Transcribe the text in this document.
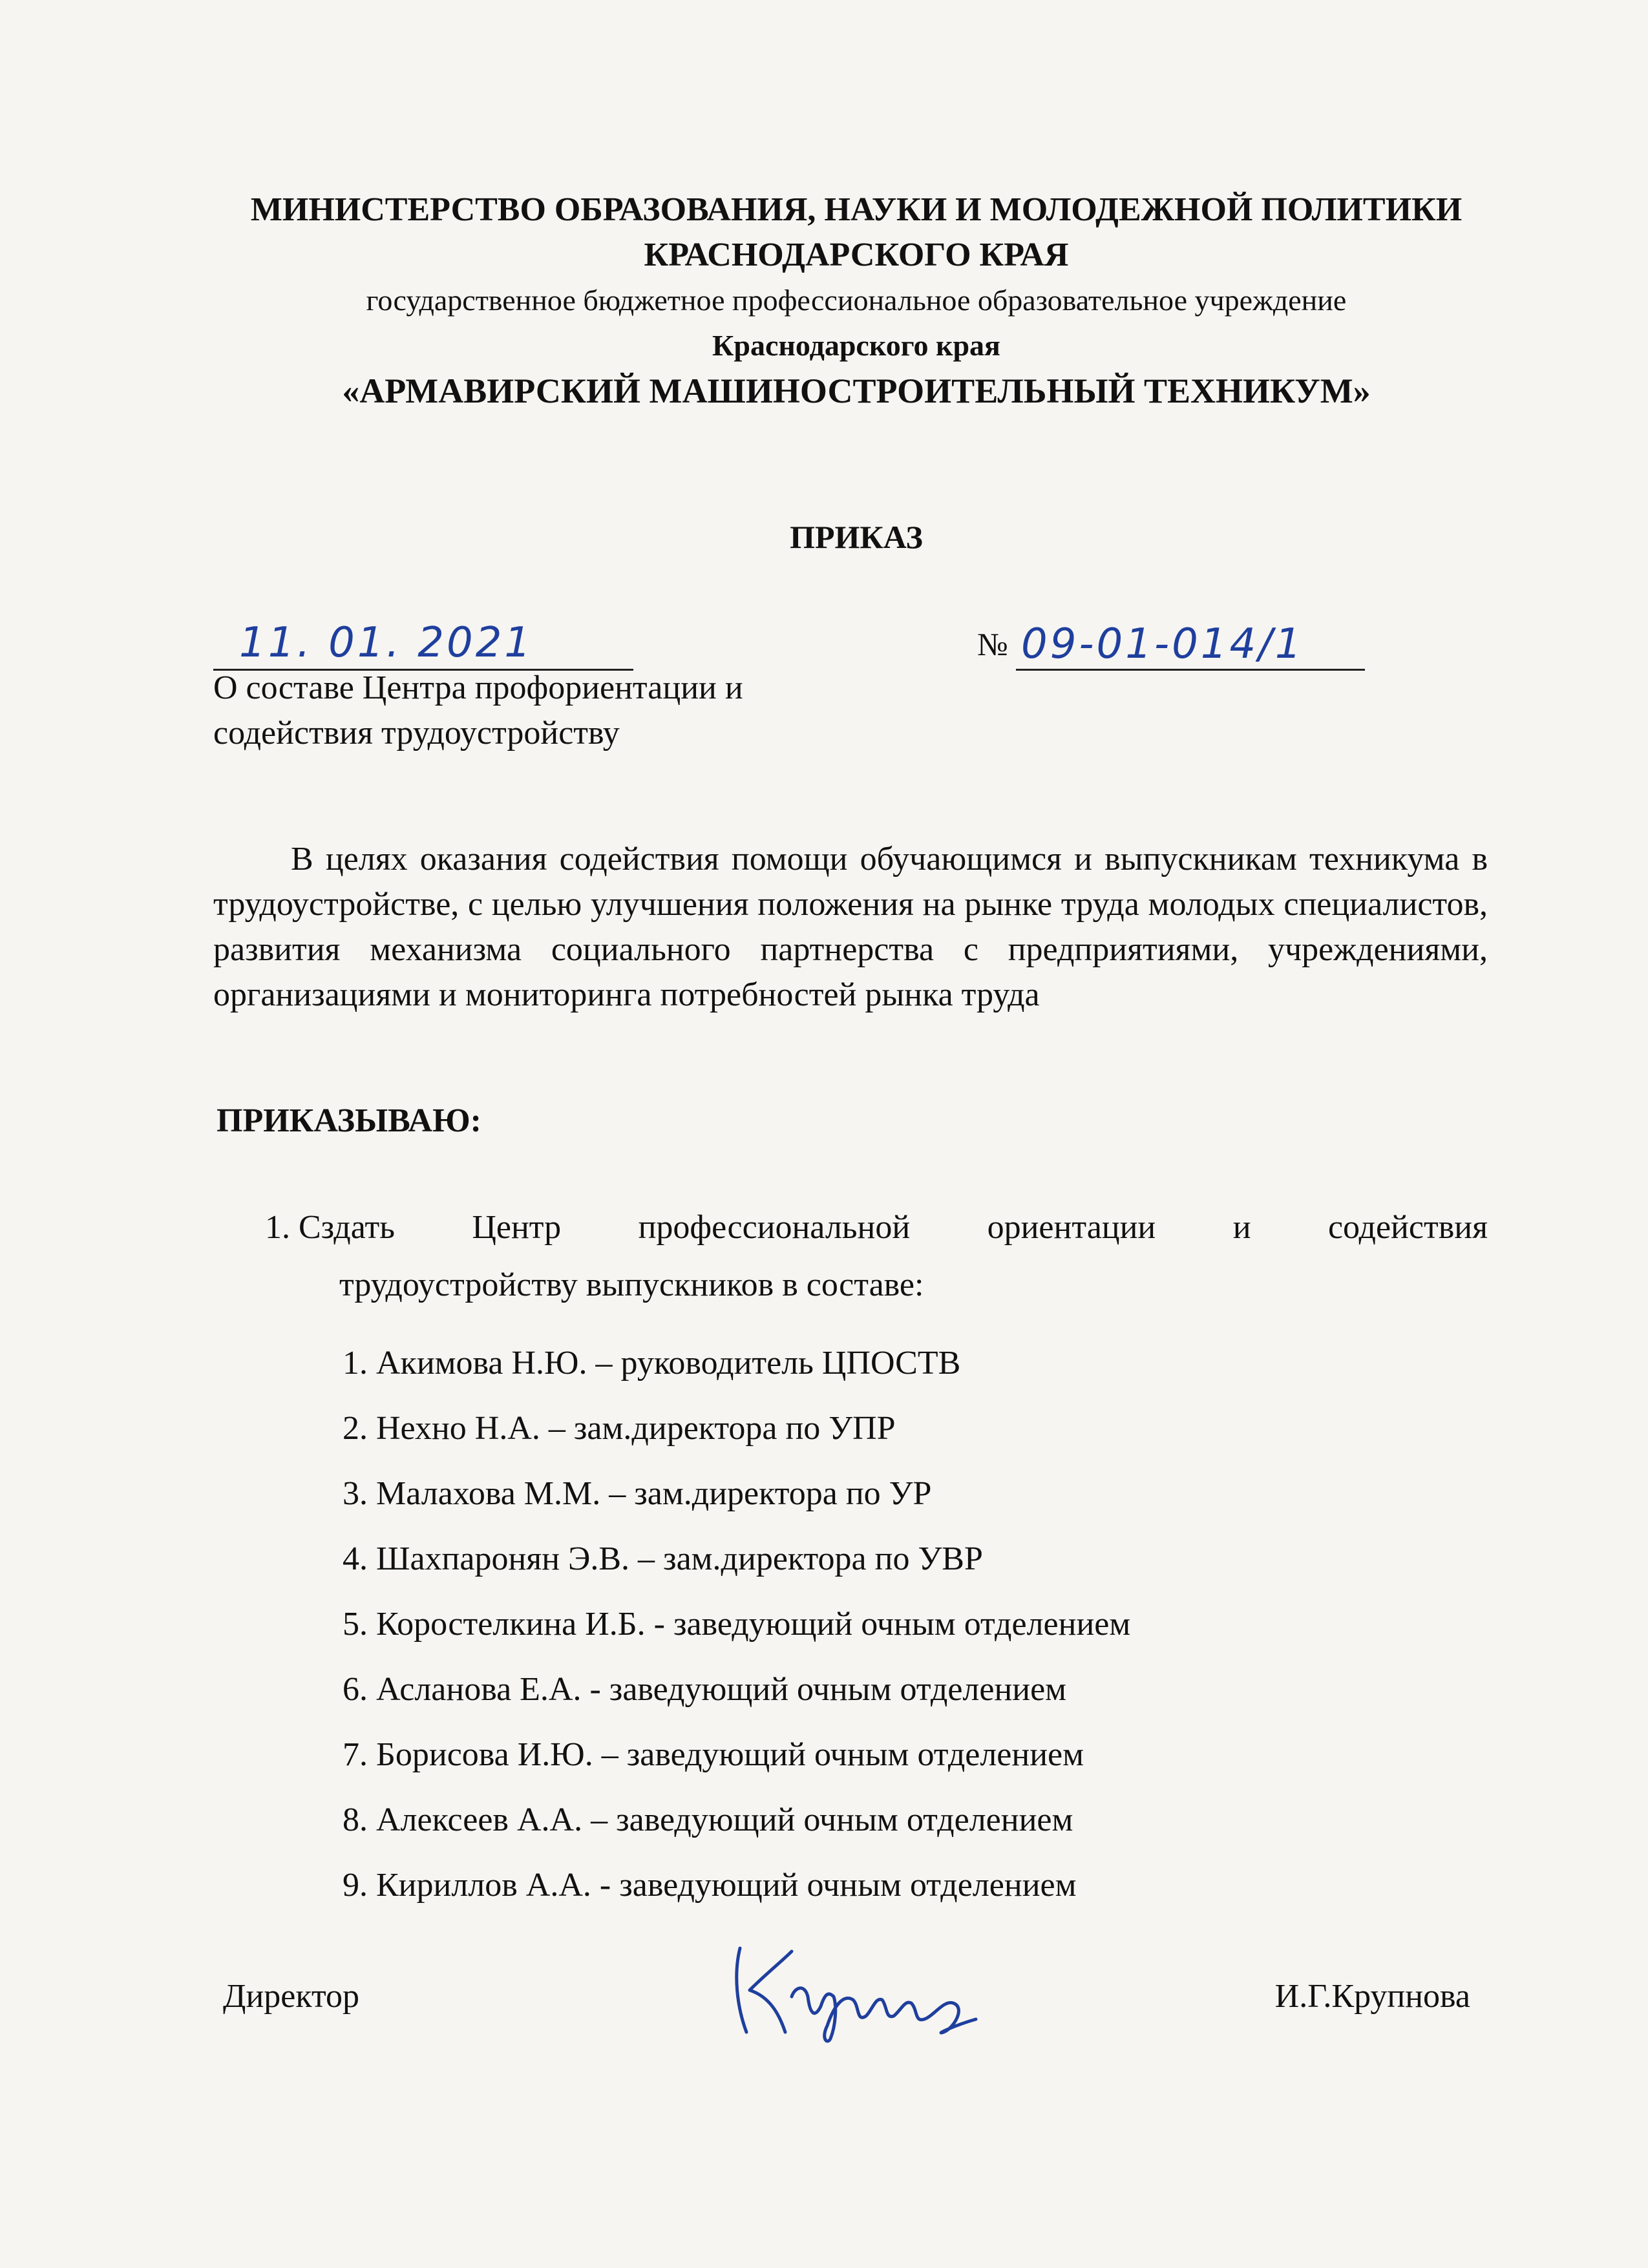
МИНИСТЕРСТВО ОБРАЗОВАНИЯ, НАУКИ И МОЛОДЕЖНОЙ ПОЛИТИКИ
КРАСНОДАРСКОГО КРАЯ
государственное бюджетное профессиональное образовательное учреждение
Краснодарского края
«АРМАВИРСКИЙ МАШИНОСТРОИТЕЛЬНЫЙ ТЕХНИКУМ»
ПРИКАЗ
11. 01. 2021	№ 09-01-014/1
О составе Центра профориентации и
содействия трудоустройству
В целях оказания содействия помощи обучающимся и выпускникам техникума в трудоустройстве, с целью улучшения положения на рынке труда молодых специалистов, развития механизма социального партнерства с предприятиями, учреждениями, организациями и мониторинга потребностей рынка труда
ПРИКАЗЫВАЮ:
1. Сздать Центр профессиональной ориентации и содействия
трудоустройству выпускников в составе:
1. Акимова Н.Ю. – руководитель ЦПОСТВ
2. Нехно Н.А. – зам.директора по УПР
3. Малахова М.М. – зам.директора по УР
4. Шахпаронян Э.В. – зам.директора по УВР
5. Коростелкина И.Б. - заведующий очным отделением
6. Асланова Е.А. - заведующий очным отделением
7. Борисова И.Ю. – заведующий очным отделением
8. Алексеев А.А. – заведующий очным отделением
9. Кириллов А.А. - заведующий очным отделением
Директор	И.Г.Крупнова
